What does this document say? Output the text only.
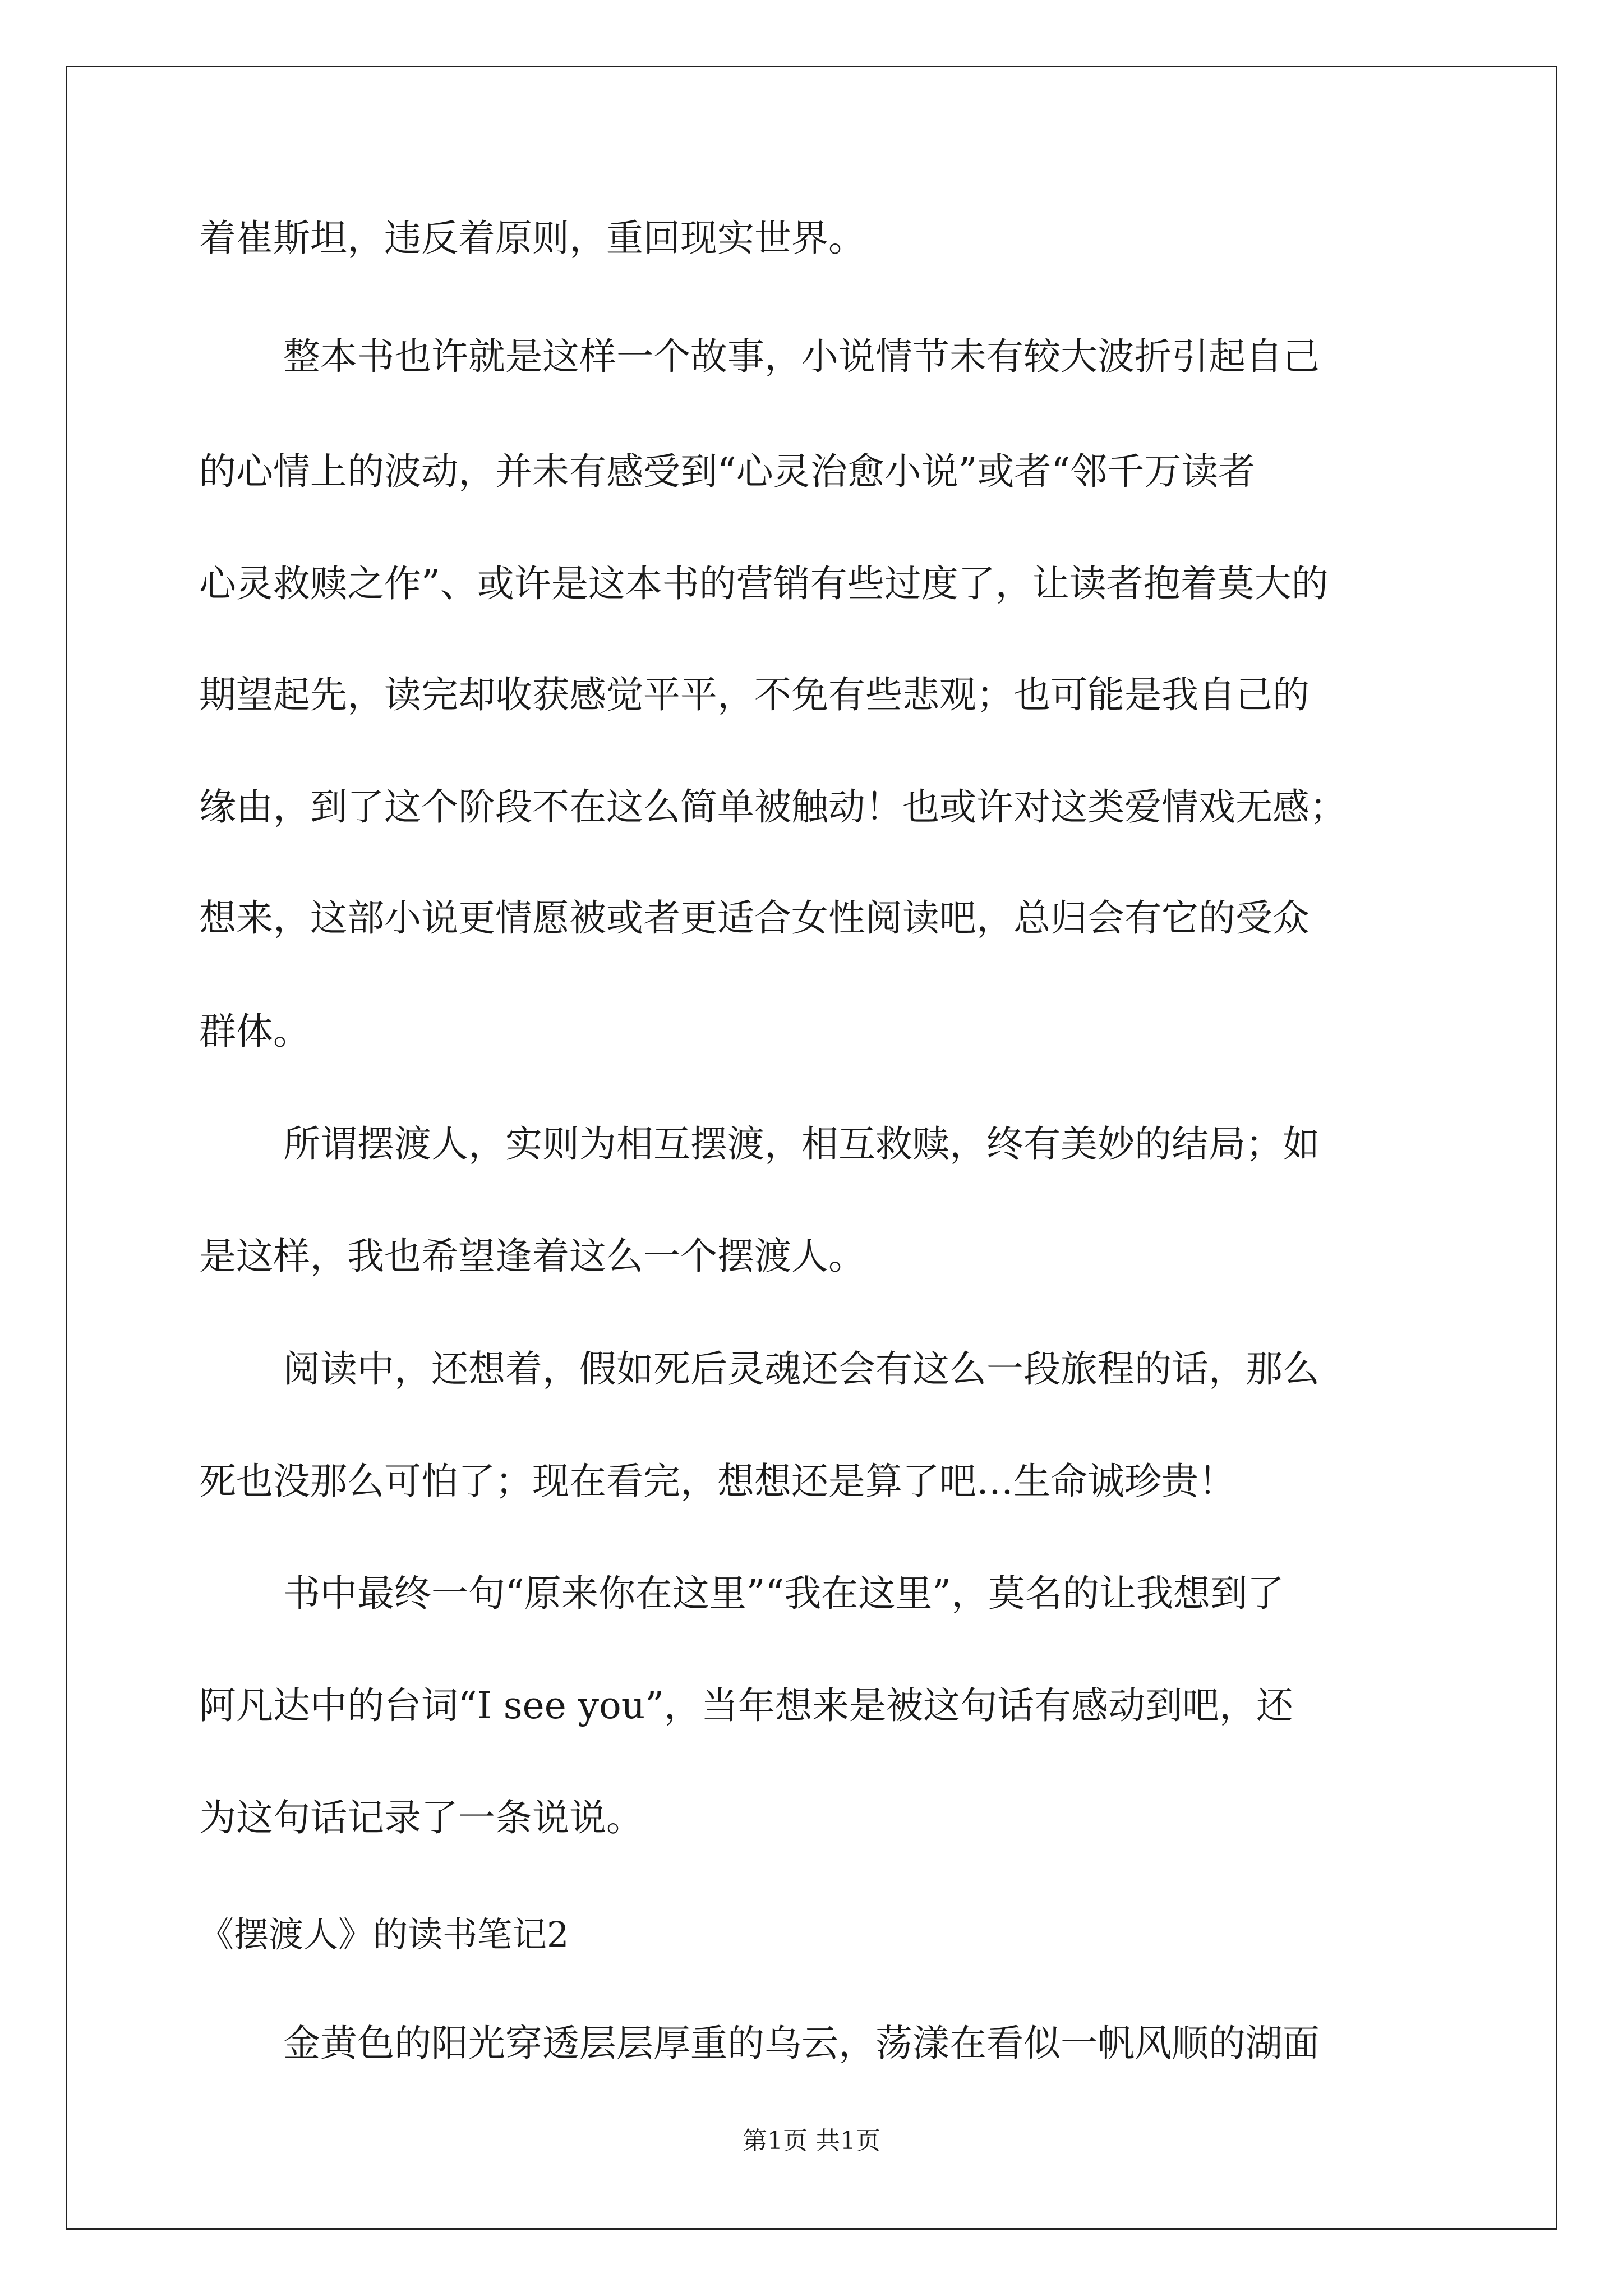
着崔斯坦，违反着原则，重回现实世界。
整本书也许就是这样一个故事，小说情节未有较大波折引起自己
的心情上的波动，并未有感受到“心灵治愈小说”或者“邻千万读者
心灵救赎之作”、或许是这本书的营销有些过度了，让读者抱着莫大的
期望起先，读完却收获感觉平平，不免有些悲观；也可能是我自己的
缘由，到了这个阶段不在这么简单被触动！也或许对这类爱情戏无感；
想来，这部小说更情愿被或者更适合女性阅读吧，总归会有它的受众
群体。
所谓摆渡人，实则为相互摆渡，相互救赎，终有美妙的结局；如
是这样，我也希望逢着这么一个摆渡人。
阅读中，还想着，假如死后灵魂还会有这么一段旅程的话，那么
死也没那么可怕了；现在看完，想想还是算了吧…生命诚珍贵！
书中最终一句“原来你在这里”“我在这里”，莫名的让我想到了
阿凡达中的台词“I see you”，当年想来是被这句话有感动到吧，还
为这句话记录了一条说说。
《摆渡人》的读书笔记2
金黄色的阳光穿透层层厚重的乌云，荡漾在看似一帆风顺的湖面
第1页 共1页
